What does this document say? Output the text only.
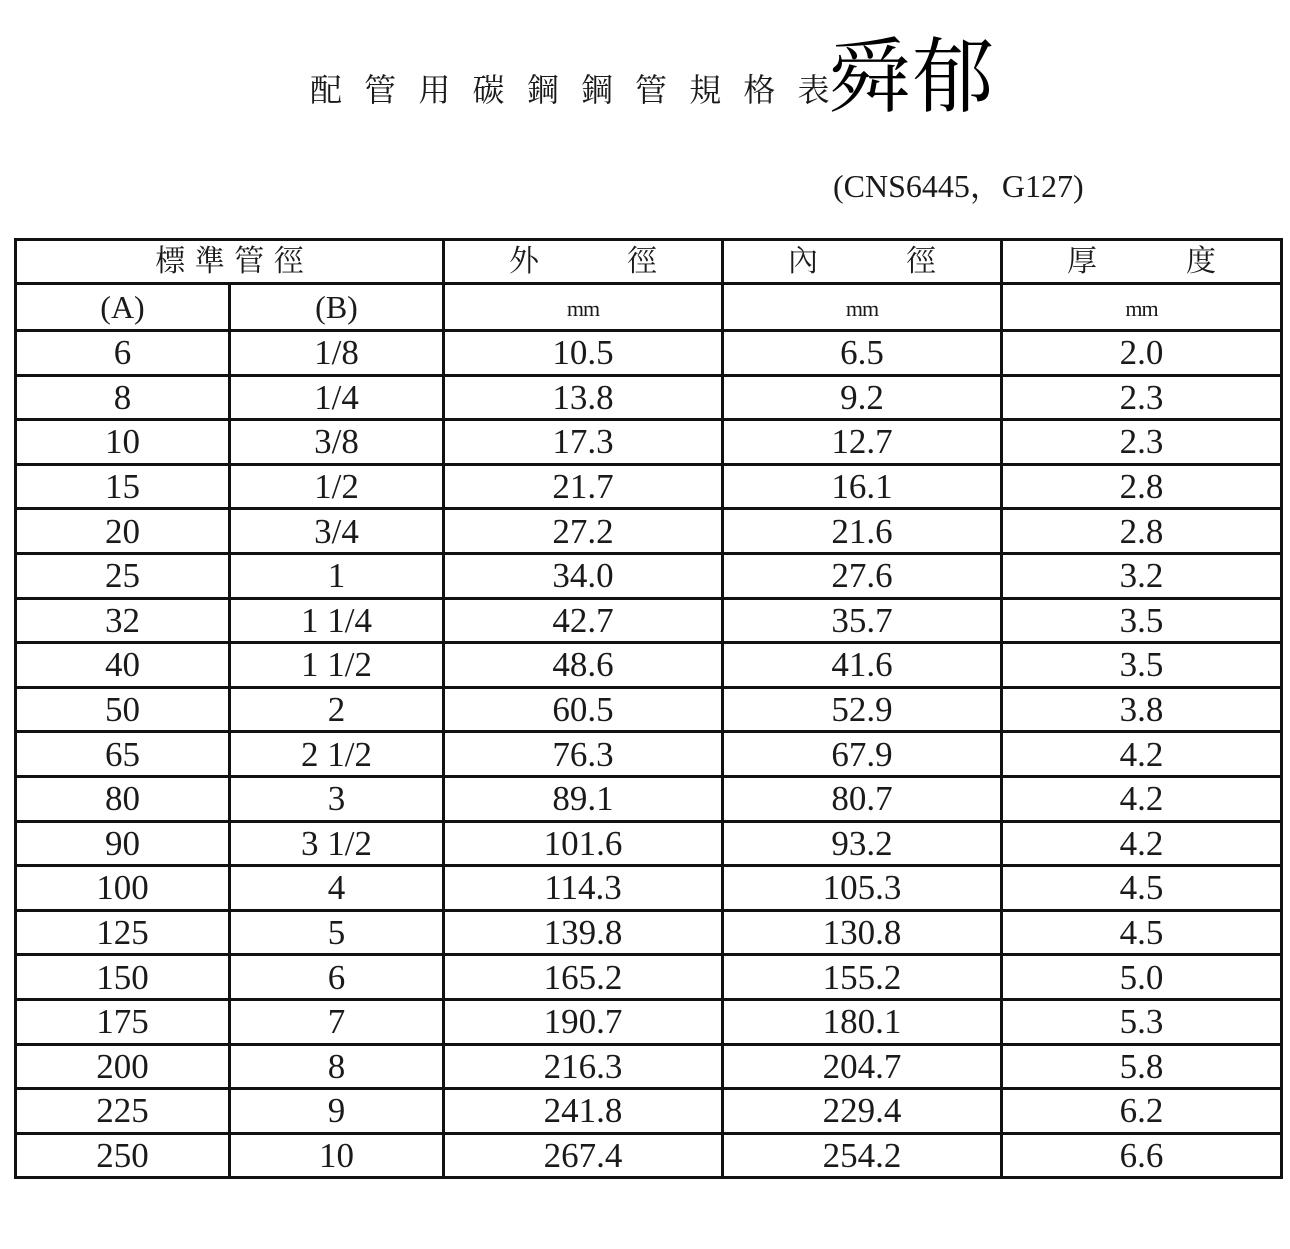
配 管 用 碳 鋼 鋼 管 規 格 表
舜郁
(CNS6445，G127)
標 準 管 徑		外 徑	內 徑	厚 度

(A)	(B)	mm	mm	mm
6	1/8	10.5	6.5	2.0
8	1/4	13.8	9.2	2.3
10	3/8	17.3	12.7	2.3
15	1/2	21.7	16.1	2.8
20	3/4	27.2	21.6	2.8
25	1	34.0	27.6	3.2
32	1 1/4	42.7	35.7	3.5
40	1 1/2	48.6	41.6	3.5
50	2	60.5	52.9	3.8
65	2 1/2	76.3	67.9	4.2
80	3	89.1	80.7	4.2
90	3 1/2	101.6	93.2	4.2
100	4	114.3	105.3	4.5
125	5	139.8	130.8	4.5
150	6	165.2	155.2	5.0
175	7	190.7	180.1	5.3
200	8	216.3	204.7	5.8
225	9	241.8	229.4	6.2
250	10	267.4	254.2	6.6
